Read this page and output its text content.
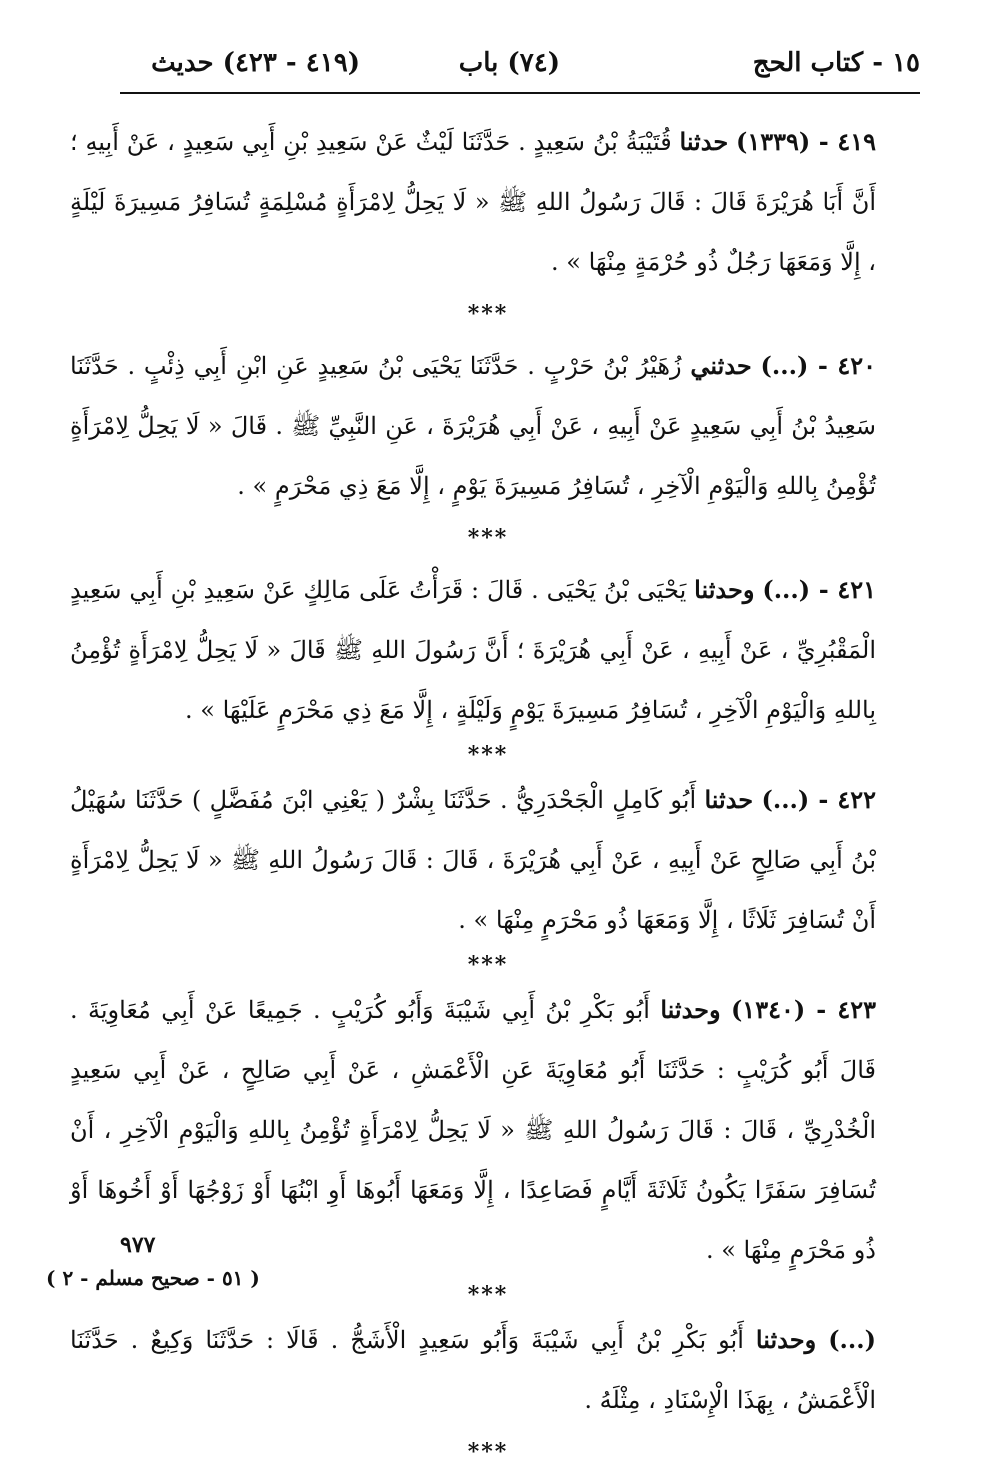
١٥ - كتاب الحج
(٧٤) باب
(٤١٩ - ٤٢٣) حديث

٤١٩ - (١٣٣٩) حدثنا قُتَيْبَةُ بْنُ سَعِيدٍ . حَدَّثَنَا لَيْثٌ عَنْ سَعِيدِ بْنِ أَبِي سَعِيدٍ ، عَنْ أَبِيهِ ؛ أَنَّ أَبَا هُرَيْرَةَ قَالَ : قَالَ رَسُولُ اللهِ ﷺ « لَا يَحِلُّ لِامْرَأَةٍ مُسْلِمَةٍ تُسَافِرُ مَسِيرَةَ لَيْلَةٍ ، إِلَّا وَمَعَهَا رَجُلٌ ذُو حُرْمَةٍ مِنْهَا » .

***

٤٢٠ - (...) حدثني زُهَيْرُ بْنُ حَرْبٍ . حَدَّثَنَا يَحْيَى بْنُ سَعِيدٍ عَنِ ابْنِ أَبِي ذِئْبٍ . حَدَّثَنَا سَعِيدُ بْنُ أَبِي سَعِيدٍ عَنْ أَبِيهِ ، عَنْ أَبِي هُرَيْرَةَ ، عَنِ النَّبِيِّ ﷺ . قَالَ « لَا يَحِلُّ لِامْرَأَةٍ تُؤْمِنُ بِاللهِ وَالْيَوْمِ الْآخِرِ ، تُسَافِرُ مَسِيرَةَ يَوْمٍ ، إِلَّا مَعَ ذِي مَحْرَمٍ » .

***

٤٢١ - (...) وحدثنا يَحْيَى بْنُ يَحْيَى . قَالَ : قَرَأْتُ عَلَى مَالِكٍ عَنْ سَعِيدِ بْنِ أَبِي سَعِيدٍ الْمَقْبُرِيِّ ، عَنْ أَبِيهِ ، عَنْ أَبِي هُرَيْرَةَ ؛ أَنَّ رَسُولَ اللهِ ﷺ قَالَ « لَا يَحِلُّ لِامْرَأَةٍ تُؤْمِنُ بِاللهِ وَالْيَوْمِ الْآخِرِ ، تُسَافِرُ مَسِيرَةَ يَوْمٍ وَلَيْلَةٍ ، إِلَّا مَعَ ذِي مَحْرَمٍ عَلَيْهَا » .

***

٤٢٢ - (...) حدثنا أَبُو كَامِلٍ الْجَحْدَرِيُّ . حَدَّثَنَا بِشْرٌ ( يَعْنِي ابْنَ مُفَضَّلٍ ) حَدَّثَنَا سُهَيْلُ بْنُ أَبِي صَالِحٍ عَنْ أَبِيهِ ، عَنْ أَبِي هُرَيْرَةَ ، قَالَ : قَالَ رَسُولُ اللهِ ﷺ « لَا يَحِلُّ لِامْرَأَةٍ أَنْ تُسَافِرَ ثَلَاثًا ، إِلَّا وَمَعَهَا ذُو مَحْرَمٍ مِنْهَا » .

***

٤٢٣ - (١٣٤٠) وحدثنا أَبُو بَكْرِ بْنُ أَبِي شَيْبَةَ وَأَبُو كُرَيْبٍ . جَمِيعًا عَنْ أَبِي مُعَاوِيَةَ . قَالَ أَبُو كُرَيْبٍ : حَدَّثَنَا أَبُو مُعَاوِيَةَ عَنِ الْأَعْمَشِ ، عَنْ أَبِي صَالِحٍ ، عَنْ أَبِي سَعِيدٍ الْخُدْرِيِّ ، قَالَ : قَالَ رَسُولُ اللهِ ﷺ « لَا يَحِلُّ لِامْرَأَةٍ تُؤْمِنُ بِاللهِ وَالْيَوْمِ الْآخِرِ ، أَنْ تُسَافِرَ سَفَرًا يَكُونُ ثَلَاثَةَ أَيَّامٍ فَصَاعِدًا ، إِلَّا وَمَعَهَا أَبُوهَا أَوِ ابْنُهَا أَوْ زَوْجُهَا أَوْ أَخُوهَا أَوْ ذُو مَحْرَمٍ مِنْهَا » .

***

(...) وحدثنا أَبُو بَكْرِ بْنُ أَبِي شَيْبَةَ وَأَبُو سَعِيدٍ الْأَشَجُّ . قَالَا : حَدَّثَنَا وَكِيعٌ . حَدَّثَنَا الْأَعْمَشُ ، بِهَذَا الْإِسْنَادِ ، مِثْلَهُ .

***
٩٧٧
( ٥١ - صحيح مسلم - ٢ )
